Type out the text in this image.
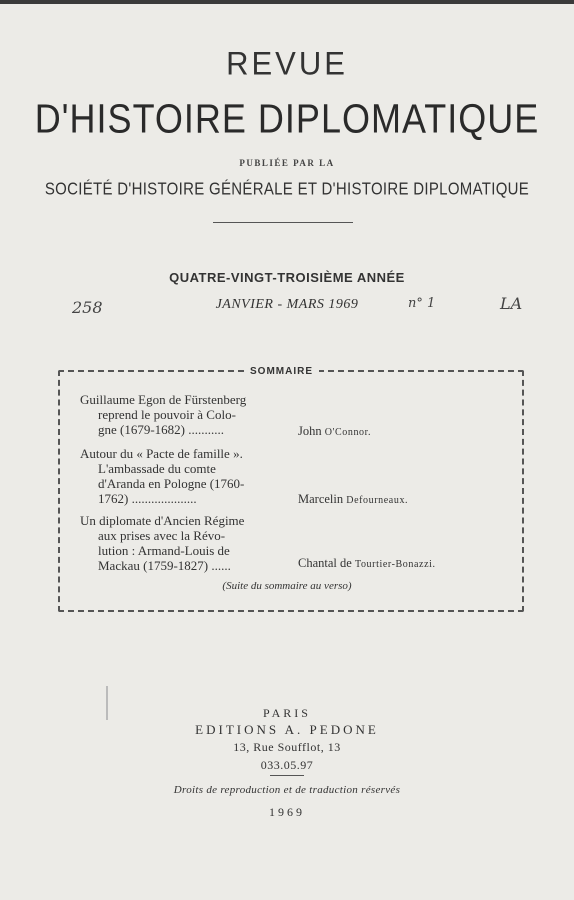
REVUE
D'HISTOIRE DIPLOMATIQUE
PUBLIÉE PAR LA
SOCIÉTÉ D'HISTOIRE GÉNÉRALE ET D'HISTOIRE DIPLOMATIQUE
QUATRE-VINGT-TROISIÈME ANNÉE
JANVIER - MARS 1969
258	n° 1	LA
SOMMAIRE
Guillaume Egon de Fürstenberg
reprend le pouvoir à Colo-
gne (1679-1682) ...........	John O'Connor.
Autour du « Pacte de famille ».
L'ambassade du comte
d'Aranda en Pologne (1760-
1762) ....................	Marcelin Defourneaux.
Un diplomate d'Ancien Régime
aux prises avec la Révo-
lution : Armand-Louis de
Mackau (1759-1827) ......	Chantal de Tourtier-Bonazzi.
(Suite du sommaire au verso)
PARIS
EDITIONS A. PEDONE
13, Rue Soufflot, 13
033.05.97
Droits de reproduction et de traduction réservés
1969
